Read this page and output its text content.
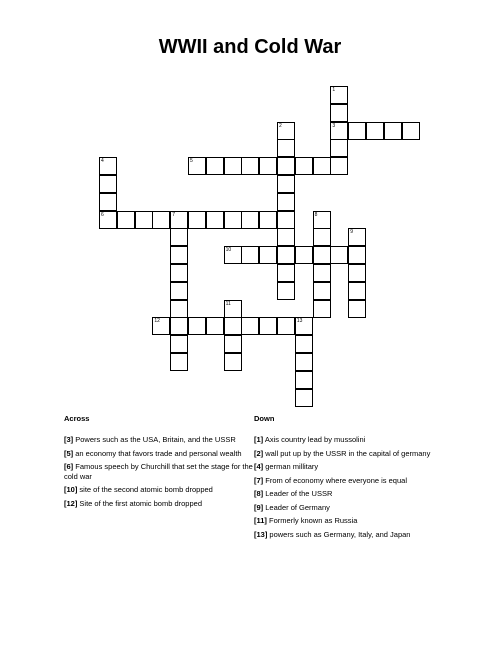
WWII and Cold War
1
3
2
4
6
5
7	8
9
10
11
12	13
Across
[3] Powers such as the USA, Britain, and the USSR
[5] an economy that favors trade and personal wealth
[6] Famous speech by Churchill that set the stage for the cold war
[10] site of the second atomic bomb dropped
[12] Site of the first atomic bomb dropped
Down
[1] Axis country lead by mussolini
[2] wall put up by the USSR in the capital of germany
[4] german millitary
[7] From of economy where everyone is equal
[8] Leader of the USSR
[9] Leader of Germany
[11] Formerly known as Russia
[13] powers such as Germany, Italy, and Japan
